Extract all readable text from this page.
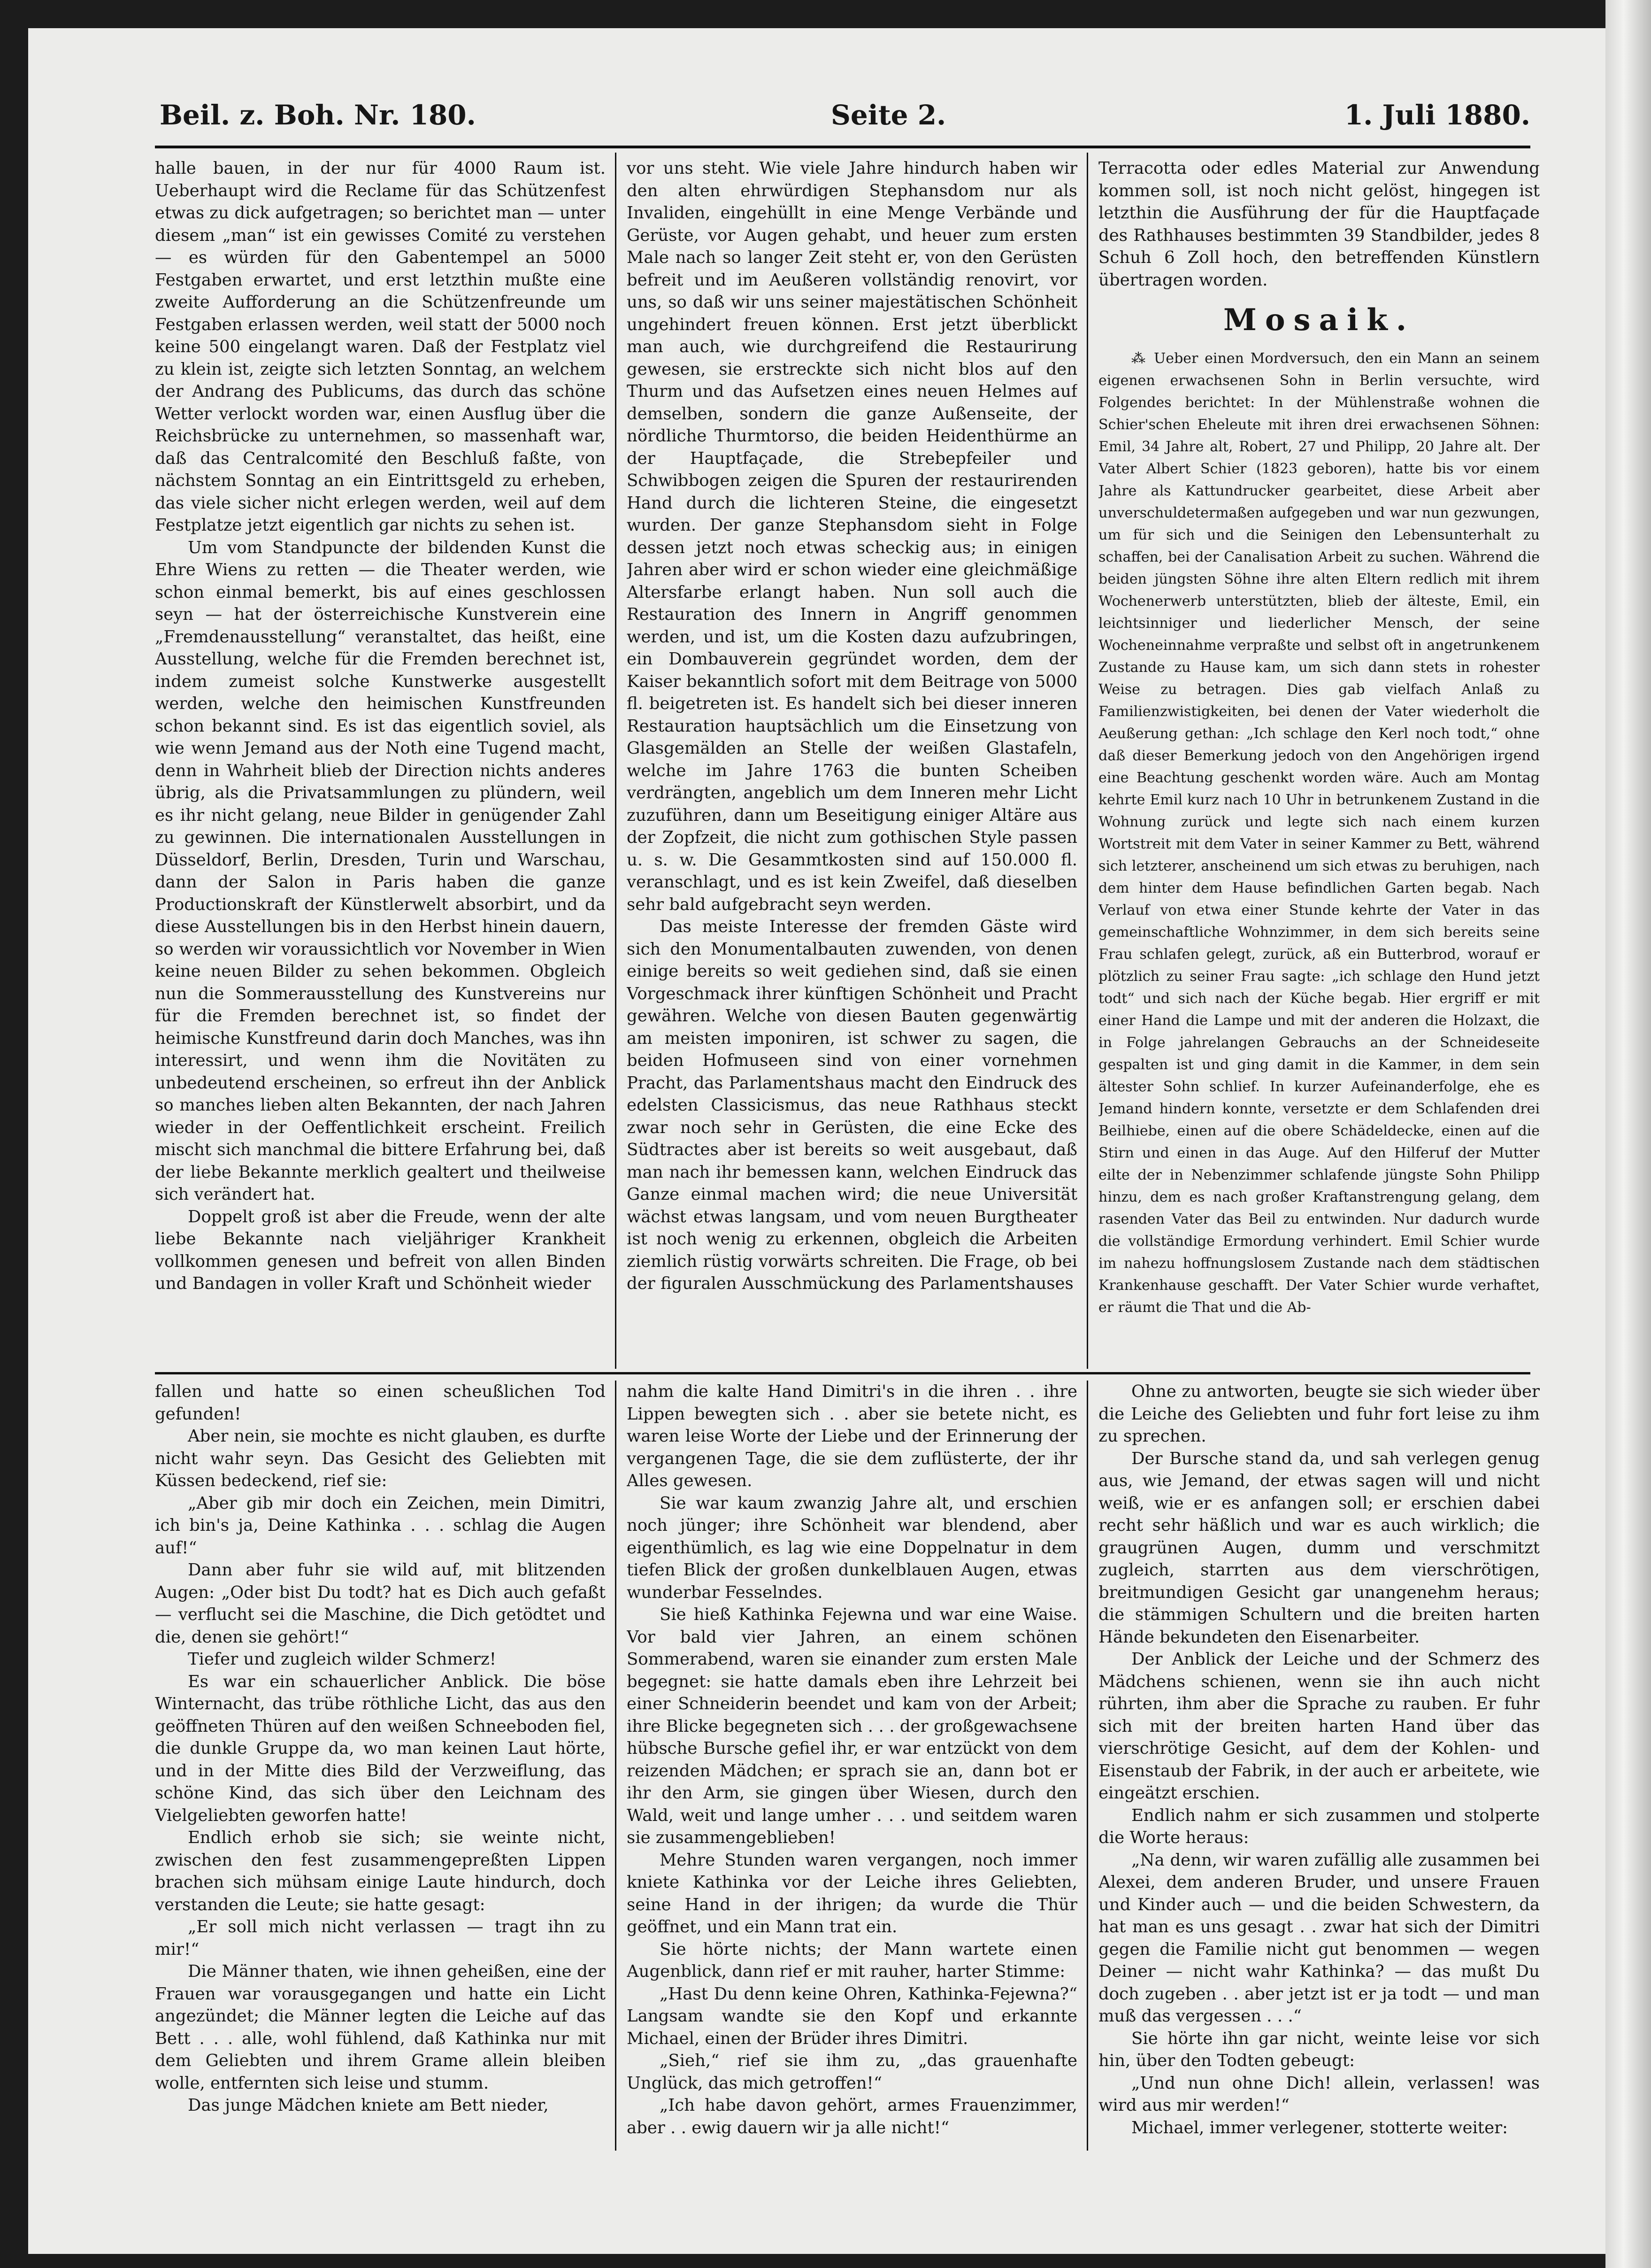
Beil. z. Boh. Nr. 180.	Seite 2.	1. Juli 1880.

halle bauen, in der nur für 4000 Raum ist. Ueberhaupt wird die Reclame für das Schützenfest etwas zu dick aufgetragen; so berichtet man — unter diesem „man“ ist ein gewisses Comité zu verstehen — es würden für den Gabentempel an 5000 Festgaben erwartet, und erst letzthin mußte eine zweite Aufforderung an die Schützenfreunde um Festgaben erlassen werden, weil statt der 5000 noch keine 500 eingelangt waren. Daß der Festplatz viel zu klein ist, zeigte sich letzten Sonntag, an welchem der Andrang des Publicums, das durch das schöne Wetter verlockt worden war, einen Ausflug über die Reichsbrücke zu unternehmen, so massenhaft war, daß das Centralcomité den Beschluß faßte, von nächstem Sonntag an ein Eintrittsgeld zu erheben, das viele sicher nicht erlegen werden, weil auf dem Festplatze jetzt eigentlich gar nichts zu sehen ist.

Um vom Standpuncte der bildenden Kunst die Ehre Wiens zu retten — die Theater werden, wie schon einmal bemerkt, bis auf eines geschlossen seyn — hat der österreichische Kunstverein eine „Fremdenausstellung“ veranstaltet, das heißt, eine Ausstellung, welche für die Fremden berechnet ist, indem zumeist solche Kunstwerke ausgestellt werden, welche den heimischen Kunstfreunden schon bekannt sind. Es ist das eigentlich soviel, als wie wenn Jemand aus der Noth eine Tugend macht, denn in Wahrheit blieb der Direction nichts anderes übrig, als die Privatsammlungen zu plündern, weil es ihr nicht gelang, neue Bilder in genügender Zahl zu gewinnen. Die internationalen Ausstellungen in Düsseldorf, Berlin, Dresden, Turin und Warschau, dann der Salon in Paris haben die ganze Productionskraft der Künstlerwelt absorbirt, und da diese Ausstellungen bis in den Herbst hinein dauern, so werden wir voraussichtlich vor November in Wien keine neuen Bilder zu sehen bekommen. Obgleich nun die Sommerausstellung des Kunstvereins nur für die Fremden berechnet ist, so findet der heimische Kunstfreund darin doch Manches, was ihn interessirt, und wenn ihm die Novitäten zu unbedeutend erscheinen, so erfreut ihn der Anblick so manches lieben alten Bekannten, der nach Jahren wieder in der Oeffentlichkeit erscheint. Freilich mischt sich manchmal die bittere Erfahrung bei, daß der liebe Bekannte merklich gealtert und theilweise sich verändert hat.

Doppelt groß ist aber die Freude, wenn der alte liebe Bekannte nach vieljähriger Krankheit vollkommen genesen und befreit von allen Binden und Bandagen in voller Kraft und Schönheit wieder

vor uns steht. Wie viele Jahre hindurch haben wir den alten ehrwürdigen Stephansdom nur als Invaliden, eingehüllt in eine Menge Verbände und Gerüste, vor Augen gehabt, und heuer zum ersten Male nach so langer Zeit steht er, von den Gerüsten befreit und im Aeußeren vollständig renovirt, vor uns, so daß wir uns seiner majestätischen Schönheit ungehindert freuen können. Erst jetzt überblickt man auch, wie durchgreifend die Restaurirung gewesen, sie erstreckte sich nicht blos auf den Thurm und das Aufsetzen eines neuen Helmes auf demselben, sondern die ganze Außenseite, der nördliche Thurmtorso, die beiden Heidenthürme an der Hauptfaçade, die Strebepfeiler und Schwibbogen zeigen die Spuren der restaurirenden Hand durch die lichteren Steine, die eingesetzt wurden. Der ganze Stephansdom sieht in Folge dessen jetzt noch etwas scheckig aus; in einigen Jahren aber wird er schon wieder eine gleichmäßige Altersfarbe erlangt haben. Nun soll auch die Restauration des Innern in Angriff genommen werden, und ist, um die Kosten dazu aufzubringen, ein Dombauverein gegründet worden, dem der Kaiser bekanntlich sofort mit dem Beitrage von 5000 fl. beigetreten ist. Es handelt sich bei dieser inneren Restauration hauptsächlich um die Einsetzung von Glasgemälden an Stelle der weißen Glastafeln, welche im Jahre 1763 die bunten Scheiben verdrängten, angeblich um dem Inneren mehr Licht zuzuführen, dann um Beseitigung einiger Altäre aus der Zopfzeit, die nicht zum gothischen Style passen u. s. w. Die Gesammtkosten sind auf 150.000 fl. veranschlagt, und es ist kein Zweifel, daß dieselben sehr bald aufgebracht seyn werden.

Das meiste Interesse der fremden Gäste wird sich den Monumentalbauten zuwenden, von denen einige bereits so weit gediehen sind, daß sie einen Vorgeschmack ihrer künftigen Schönheit und Pracht gewähren. Welche von diesen Bauten gegenwärtig am meisten imponiren, ist schwer zu sagen, die beiden Hofmuseen sind von einer vornehmen Pracht, das Parlamentshaus macht den Eindruck des edelsten Classicismus, das neue Rathhaus steckt zwar noch sehr in Gerüsten, die eine Ecke des Südtractes aber ist bereits so weit ausgebaut, daß man nach ihr bemessen kann, welchen Eindruck das Ganze einmal machen wird; die neue Universität wächst etwas langsam, und vom neuen Burgtheater ist noch wenig zu erkennen, obgleich die Arbeiten ziemlich rüstig vorwärts schreiten. Die Frage, ob bei der figuralen Ausschmückung des Parlamentshauses

Terracotta oder edles Material zur Anwendung kommen soll, ist noch nicht gelöst, hingegen ist letzthin die Ausführung der für die Hauptfaçade des Rathhauses bestimmten 39 Standbilder, jedes 8 Schuh 6 Zoll hoch, den betreffenden Künstlern übertragen worden.

Mosaik.

⁂ Ueber einen Mordversuch, den ein Mann an seinem eigenen erwachsenen Sohn in Berlin versuchte, wird Folgendes berichtet: In der Mühlenstraße wohnen die Schier'schen Eheleute mit ihren drei erwachsenen Söhnen: Emil, 34 Jahre alt, Robert, 27 und Philipp, 20 Jahre alt. Der Vater Albert Schier (1823 geboren), hatte bis vor einem Jahre als Kattundrucker gearbeitet, diese Arbeit aber unverschuldetermaßen aufgegeben und war nun gezwungen, um für sich und die Seinigen den Lebensunterhalt zu schaffen, bei der Canalisation Arbeit zu suchen. Während die beiden jüngsten Söhne ihre alten Eltern redlich mit ihrem Wochenerwerb unterstützten, blieb der älteste, Emil, ein leichtsinniger und liederlicher Mensch, der seine Wocheneinnahme verpraßte und selbst oft in angetrunkenem Zustande zu Hause kam, um sich dann stets in rohester Weise zu betragen. Dies gab vielfach Anlaß zu Familienzwistigkeiten, bei denen der Vater wiederholt die Aeußerung gethan: „Ich schlage den Kerl noch todt,“ ohne daß dieser Bemerkung jedoch von den Angehörigen irgend eine Beachtung geschenkt worden wäre. Auch am Montag kehrte Emil kurz nach 10 Uhr in betrunkenem Zustand in die Wohnung zurück und legte sich nach einem kurzen Wortstreit mit dem Vater in seiner Kammer zu Bett, während sich letzterer, anscheinend um sich etwas zu beruhigen, nach dem hinter dem Hause befindlichen Garten begab. Nach Verlauf von etwa einer Stunde kehrte der Vater in das gemeinschaftliche Wohnzimmer, in dem sich bereits seine Frau schlafen gelegt, zurück, aß ein Butterbrod, worauf er plötzlich zu seiner Frau sagte: „ich schlage den Hund jetzt todt“ und sich nach der Küche begab. Hier ergriff er mit einer Hand die Lampe und mit der anderen die Holzaxt, die in Folge jahrelangen Gebrauchs an der Schneideseite gespalten ist und ging damit in die Kammer, in dem sein ältester Sohn schlief. In kurzer Aufeinanderfolge, ehe es Jemand hindern konnte, versetzte er dem Schlafenden drei Beilhiebe, einen auf die obere Schädeldecke, einen auf die Stirn und einen in das Auge. Auf den Hilferuf der Mutter eilte der in Nebenzimmer schlafende jüngste Sohn Philipp hinzu, dem es nach großer Kraftanstrengung gelang, dem rasenden Vater das Beil zu entwinden. Nur dadurch wurde die vollständige Ermordung verhindert. Emil Schier wurde im nahezu hoffnungslosem Zustande nach dem städtischen Krankenhause geschafft. Der Vater Schier wurde verhaftet, er räumt die That und die Ab-

fallen und hatte so einen scheußlichen Tod gefunden!

Aber nein, sie mochte es nicht glauben, es durfte nicht wahr seyn. Das Gesicht des Geliebten mit Küssen bedeckend, rief sie:

„Aber gib mir doch ein Zeichen, mein Dimitri, ich bin's ja, Deine Kathinka . . . schlag die Augen auf!“

Dann aber fuhr sie wild auf, mit blitzenden Augen: „Oder bist Du todt? hat es Dich auch gefaßt — verflucht sei die Maschine, die Dich getödtet und die, denen sie gehört!“

Tiefer und zugleich wilder Schmerz!

Es war ein schauerlicher Anblick. Die böse Winternacht, das trübe röthliche Licht, das aus den geöffneten Thüren auf den weißen Schneeboden fiel, die dunkle Gruppe da, wo man keinen Laut hörte, und in der Mitte dies Bild der Verzweiflung, das schöne Kind, das sich über den Leichnam des Vielgeliebten geworfen hatte!

Endlich erhob sie sich; sie weinte nicht, zwischen den fest zusammengepreßten Lippen brachen sich mühsam einige Laute hindurch, doch verstanden die Leute; sie hatte gesagt:

„Er soll mich nicht verlassen — tragt ihn zu mir!“

Die Männer thaten, wie ihnen geheißen, eine der Frauen war vorausgegangen und hatte ein Licht angezündet; die Männer legten die Leiche auf das Bett . . . alle, wohl fühlend, daß Kathinka nur mit dem Geliebten und ihrem Grame allein bleiben wolle, entfernten sich leise und stumm.

Das junge Mädchen kniete am Bett nieder,

nahm die kalte Hand Dimitri's in die ihren . . ihre Lippen bewegten sich . . aber sie betete nicht, es waren leise Worte der Liebe und der Erinnerung der vergangenen Tage, die sie dem zuflüsterte, der ihr Alles gewesen.

Sie war kaum zwanzig Jahre alt, und erschien noch jünger; ihre Schönheit war blendend, aber eigenthümlich, es lag wie eine Doppelnatur in dem tiefen Blick der großen dunkelblauen Augen, etwas wunderbar Fesselndes.

Sie hieß Kathinka Fejewna und war eine Waise. Vor bald vier Jahren, an einem schönen Sommerabend, waren sie einander zum ersten Male begegnet: sie hatte damals eben ihre Lehrzeit bei einer Schneiderin beendet und kam von der Arbeit; ihre Blicke begegneten sich . . . der großgewachsene hübsche Bursche gefiel ihr, er war entzückt von dem reizenden Mädchen; er sprach sie an, dann bot er ihr den Arm, sie gingen über Wiesen, durch den Wald, weit und lange umher . . . und seitdem waren sie zusammengeblieben!

Mehre Stunden waren vergangen, noch immer kniete Kathinka vor der Leiche ihres Geliebten, seine Hand in der ihrigen; da wurde die Thür geöffnet, und ein Mann trat ein.

Sie hörte nichts; der Mann wartete einen Augenblick, dann rief er mit rauher, harter Stimme:

„Hast Du denn keine Ohren, Kathinka-Fejewna?“ Langsam wandte sie den Kopf und erkannte Michael, einen der Brüder ihres Dimitri.

„Sieh,“ rief sie ihm zu, „das grauenhafte Unglück, das mich getroffen!“

„Ich habe davon gehört, armes Frauenzimmer, aber . . ewig dauern wir ja alle nicht!“

Ohne zu antworten, beugte sie sich wieder über die Leiche des Geliebten und fuhr fort leise zu ihm zu sprechen.

Der Bursche stand da, und sah verlegen genug aus, wie Jemand, der etwas sagen will und nicht weiß, wie er es anfangen soll; er erschien dabei recht sehr häßlich und war es auch wirklich; die graugrünen Augen, dumm und verschmitzt zugleich, starrten aus dem vierschrötigen, breitmundigen Gesicht gar unangenehm heraus; die stämmigen Schultern und die breiten harten Hände bekundeten den Eisenarbeiter.

Der Anblick der Leiche und der Schmerz des Mädchens schienen, wenn sie ihn auch nicht rührten, ihm aber die Sprache zu rauben. Er fuhr sich mit der breiten harten Hand über das vierschrötige Gesicht, auf dem der Kohlen- und Eisenstaub der Fabrik, in der auch er arbeitete, wie eingeätzt erschien.

Endlich nahm er sich zusammen und stolperte die Worte heraus:

„Na denn, wir waren zufällig alle zusammen bei Alexei, dem anderen Bruder, und unsere Frauen und Kinder auch — und die beiden Schwestern, da hat man es uns gesagt . . zwar hat sich der Dimitri gegen die Familie nicht gut benommen — wegen Deiner — nicht wahr Kathinka? — das mußt Du doch zugeben . . aber jetzt ist er ja todt — und man muß das vergessen . . .“

Sie hörte ihn gar nicht, weinte leise vor sich hin, über den Todten gebeugt:

„Und nun ohne Dich! allein, verlassen! was wird aus mir werden!“

Michael, immer verlegener, stotterte weiter:
